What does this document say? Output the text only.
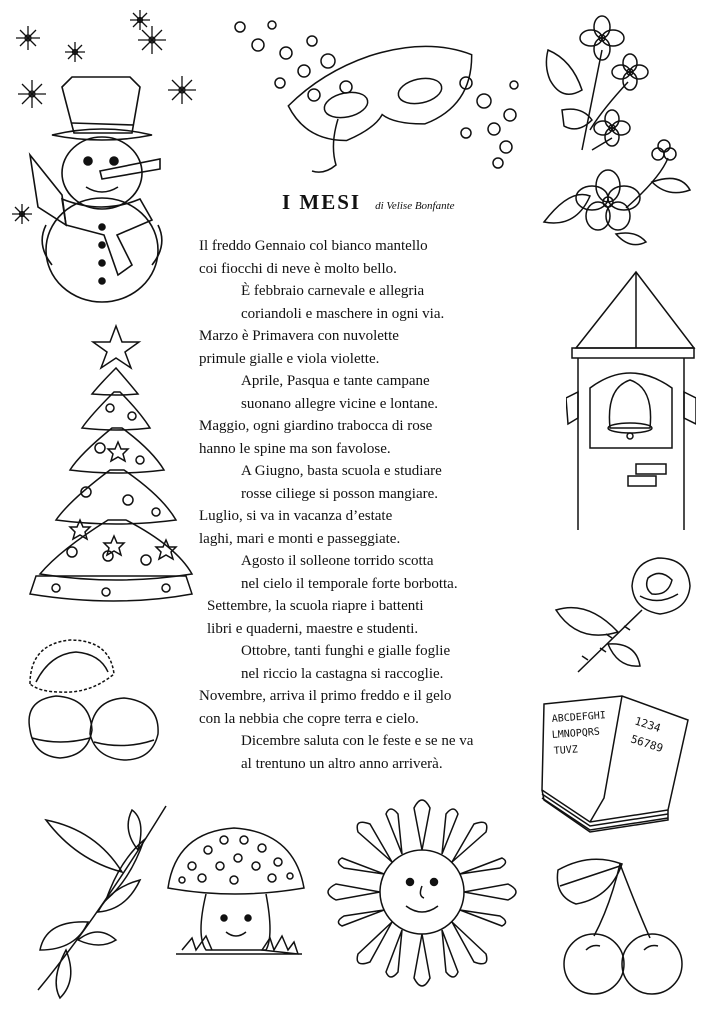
I MESI di Velise Bonfante
Il freddo Gennaio col bianco mantello
coi fiocchi di neve è molto bello.
È febbraio carnevale e allegria
coriandoli e maschere in ogni via.
Marzo è Primavera con nuvolette
primule gialle e viola violette.
Aprile, Pasqua e tante campane
suonano allegre vicine e lontane.
Maggio, ogni giardino trabocca di rose
hanno le spine ma son favolose.
A Giugno, basta scuola e studiare
rosse ciliege si posson mangiare.
Luglio, si va in vacanza d’estate
laghi, mari e monti e passeggiate.
Agosto il solleone torrido scotta
nel cielo il temporale forte borbotta.
Settembre, la scuola riapre i battenti
libri e quaderni, maestre e studenti.
Ottobre, tanti funghi e gialle foglie
nel riccio la castagna si raccoglie.
Novembre, arriva il primo freddo e il gelo
con la nebbia che copre terra e cielo.
Dicembre saluta con le feste e se ne va
al trentuno un altro anno arriverà.
ABCDEFGHI
LMNOPQRS
TUVZ
1234
56789
